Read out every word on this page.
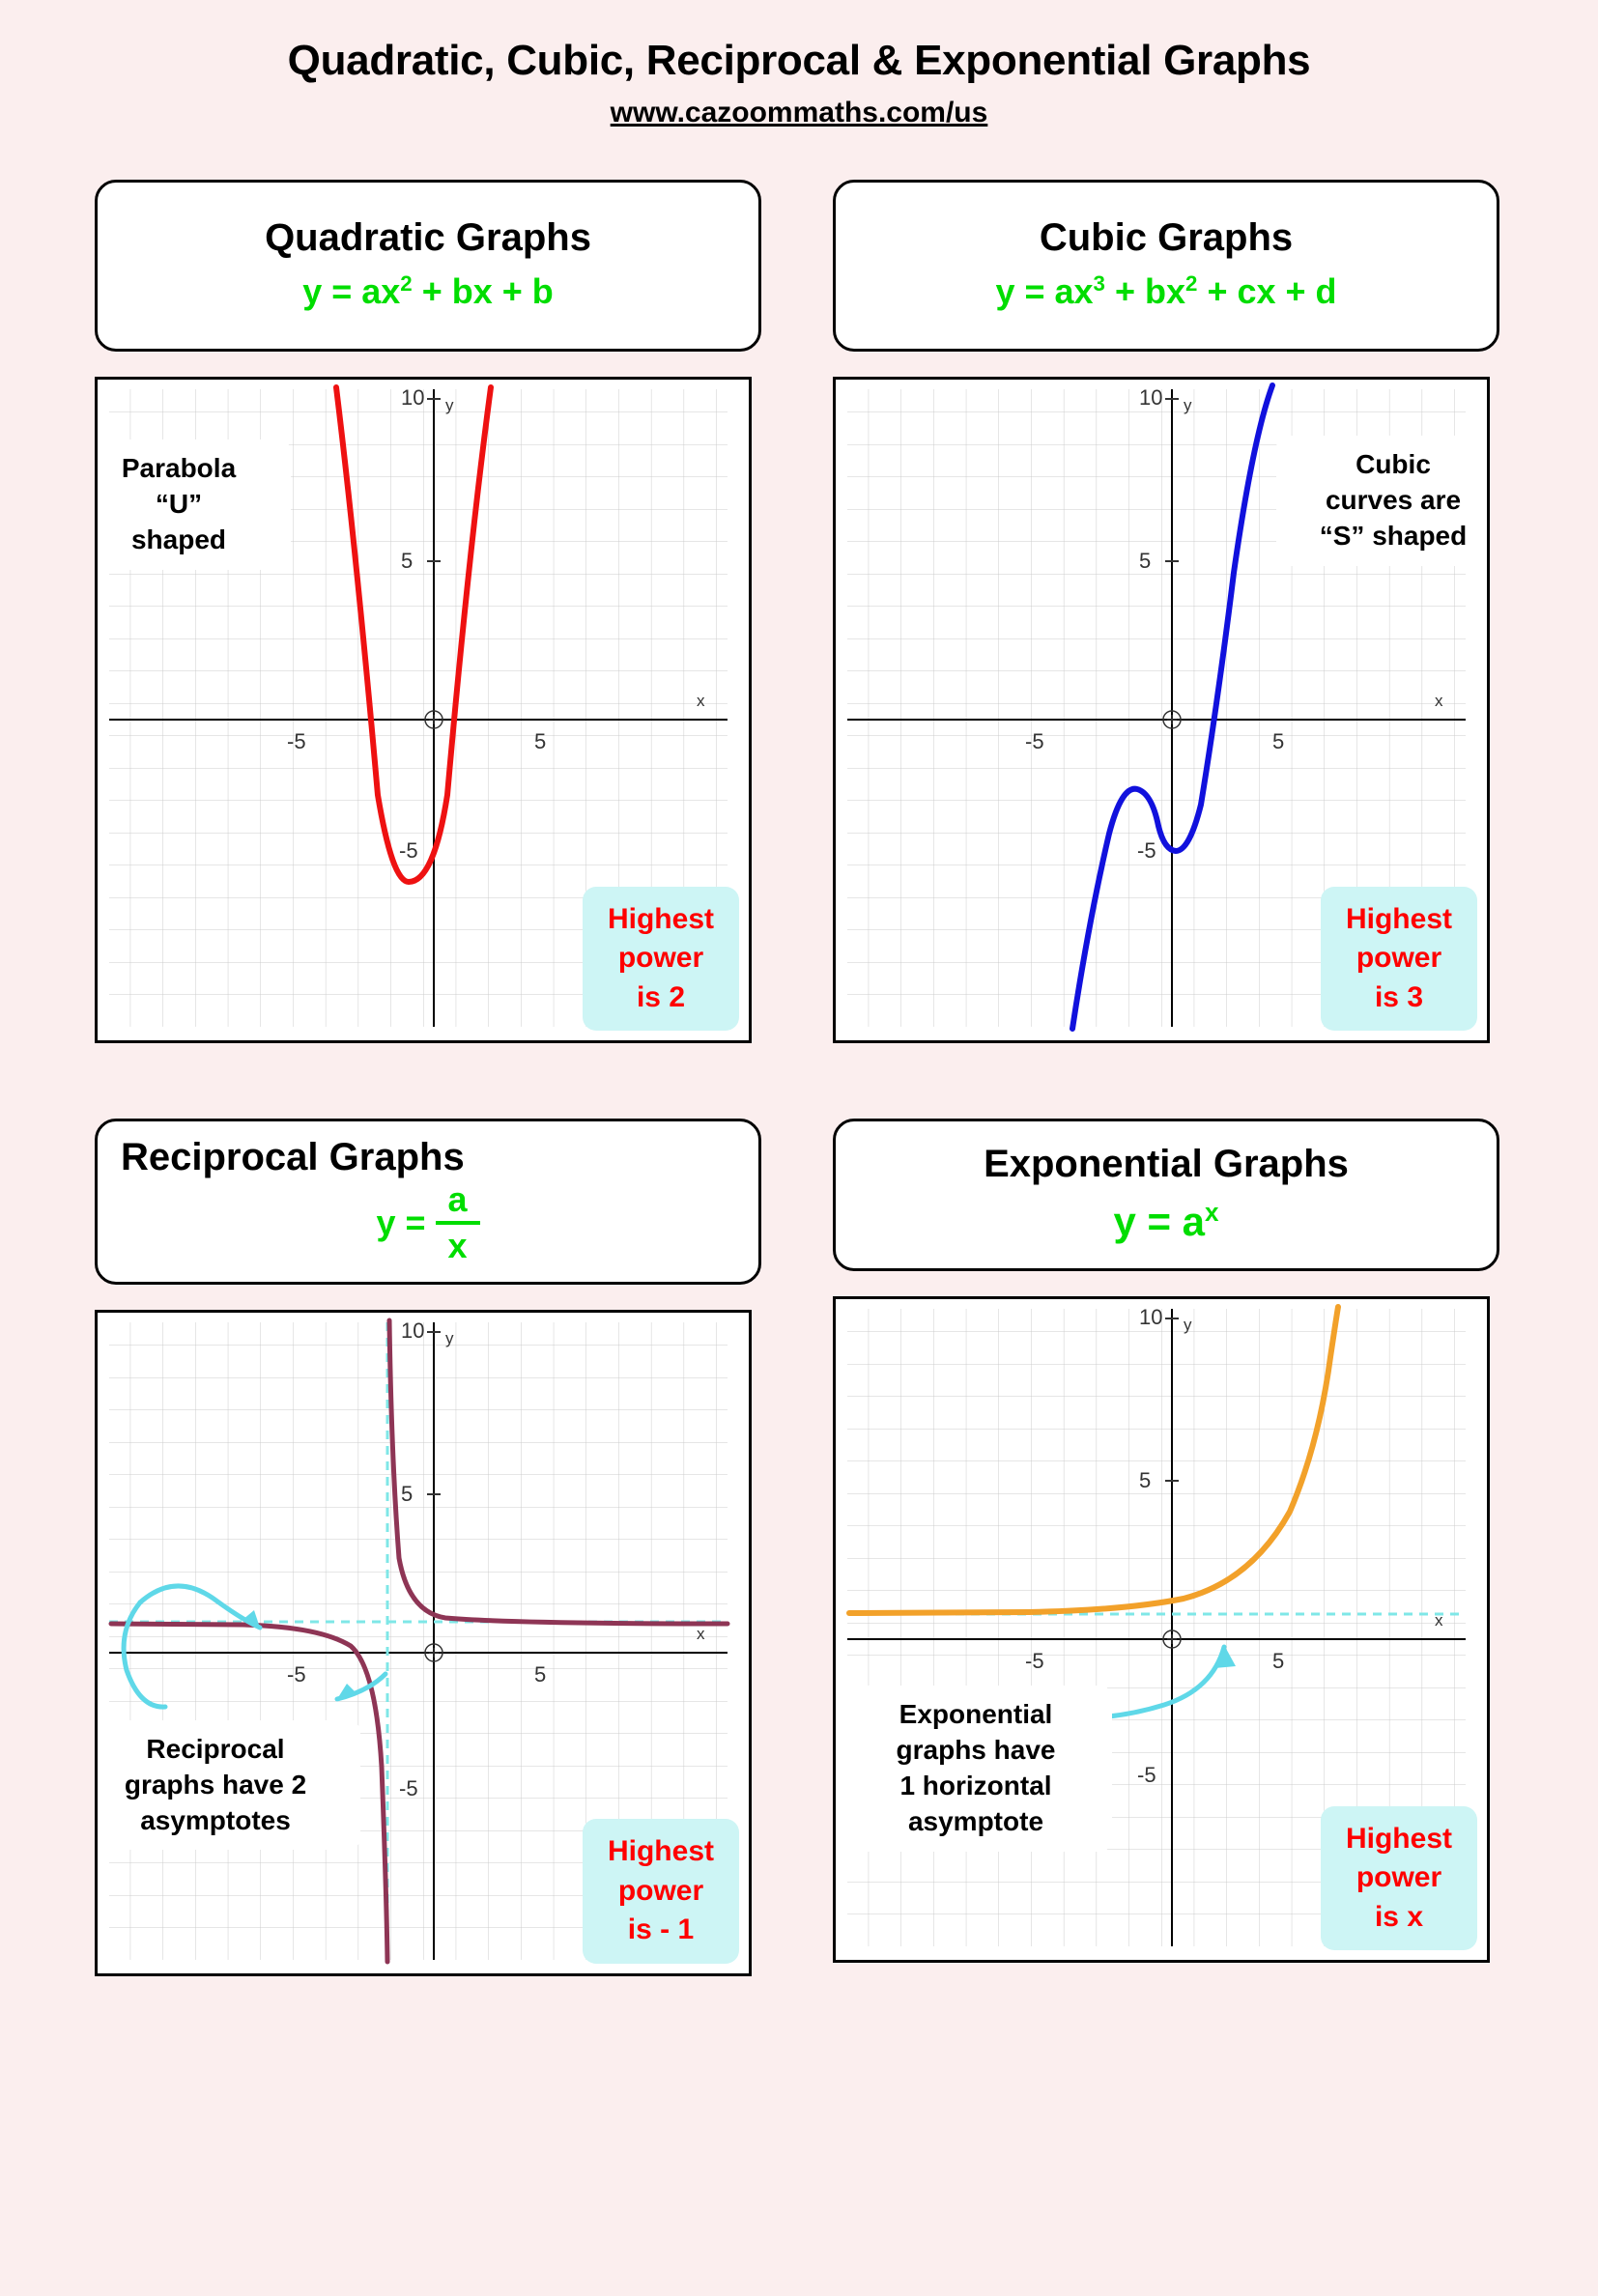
Quadratic, Cubic, Reciprocal & Exponential Graphs
www.cazoommaths.com/us
Quadratic Graphs
$y = ax^2$ + bx + b
10 y
5
-5	5
-5
x
Parabola
“U”
shaped
Highest
power
is 2
Cubic Graphs
$y = ax^3 + bx^2$ + cx + d
10 y
5
-5	5
-5
x
Cubic
curves are
“S” shaped
Highest
power
is 3
Reciprocal Graphs
$y = \frac{a}{x}$
10 y
5
-5	5
-5
x
Reciprocal
graphs have 2
asymptotes
Highest
power
is - 1
Exponential Graphs
$y = a^x$
10 y
5
-5	5
-5
x
Exponential
graphs have
1 horizontal
asymptote
Highest
power
is x
